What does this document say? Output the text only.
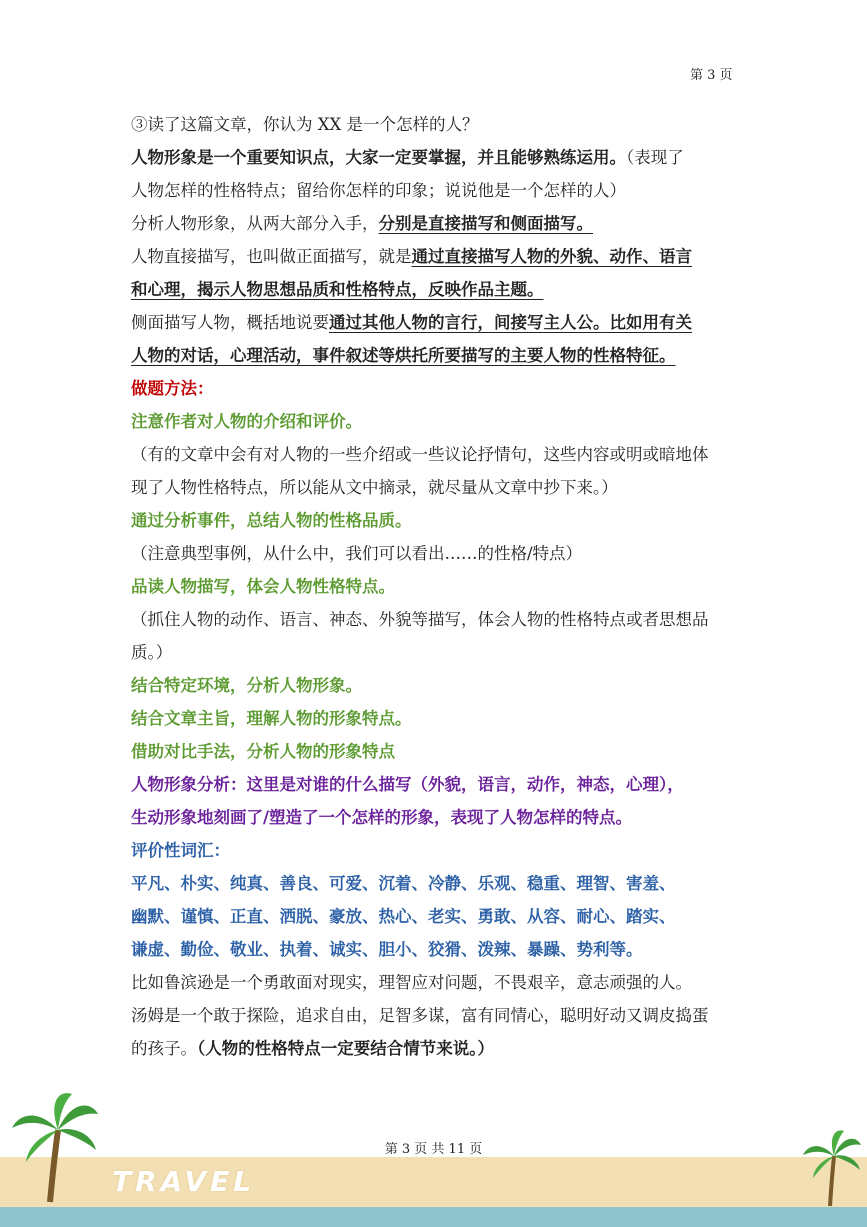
第 3 页
③读了这篇文章，你认为 XX 是一个怎样的人？
人物形象是一个重要知识点，大家一定要掌握，并且能够熟练运用。（表现了
人物怎样的性格特点；留给你怎样的印象；说说他是一个怎样的人）
分析人物形象，从两大部分入手，分别是直接描写和侧面描写。
人物直接描写，也叫做正面描写，就是通过直接描写人物的外貌、动作、语言
和心理，揭示人物思想品质和性格特点，反映作品主题。
侧面描写人物，概括地说要通过其他人物的言行，间接写主人公。比如用有关
人物的对话，心理活动，事件叙述等烘托所要描写的主要人物的性格特征。
做题方法：
注意作者对人物的介绍和评价。
（有的文章中会有对人物的一些介绍或一些议论抒情句，这些内容或明或暗地体
现了人物性格特点，所以能从文中摘录，就尽量从文章中抄下来。）
通过分析事件，总结人物的性格品质。
（注意典型事例，从什么中，我们可以看出……的性格/特点）
品读人物描写，体会人物性格特点。
（抓住人物的动作、语言、神态、外貌等描写，体会人物的性格特点或者思想品
质。）
结合特定环境，分析人物形象。
结合文章主旨，理解人物的形象特点。
借助对比手法，分析人物的形象特点
人物形象分析：这里是对谁的什么描写（外貌，语言，动作，神态，心理），
生动形象地刻画了/塑造了一个怎样的形象，表现了人物怎样的特点。
评价性词汇：
平凡、朴实、纯真、善良、可爱、沉着、冷静、乐观、稳重、理智、害羞、
幽默、谨慎、正直、洒脱、豪放、热心、老实、勇敢、从容、耐心、踏实、
谦虚、勤俭、敬业、执着、诚实、胆小、狡猾、泼辣、暴躁、势利等。
比如鲁滨逊是一个勇敢面对现实，理智应对问题，不畏艰辛，意志顽强的人。
汤姆是一个敢于探险，追求自由，足智多谋，富有同情心，聪明好动又调皮捣蛋
的孩子。（人物的性格特点一定要结合情节来说。）
第 3 页 共 11 页
TRAVEL
